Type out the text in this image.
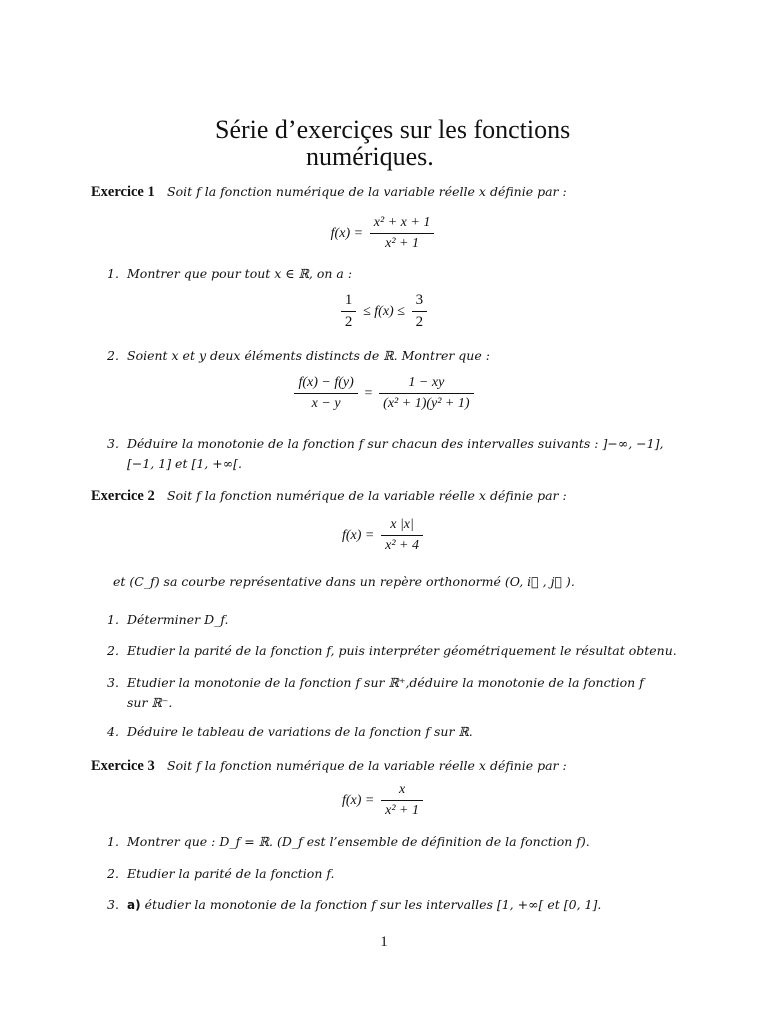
Série d’exerciçes sur les fonctions
numériques.
Exercice 1 Soit f la fonction numérique de la variable réelle x définie par :
$f(x) = \frac{\text{x² + x + 1}}{\text{x² + 1}}$
1. Montrer que pour tout x ∈ ℝ, on a :
$\frac{1}{2} \le f(x) \le \frac{3}{2}$
2. Soient x et y deux éléments distincts de ℝ. Montrer que :
$\frac{f(x) - f(y)}{x - y} = \frac{1 - xy}{\text{(x² + 1)(y² + 1)}}$
3. Déduire la monotonie de la fonction f sur chacun des intervalles suivants : ]−∞, −1],
[−1, 1] et [1, +∞[.
Exercice 2 Soit f la fonction numérique de la variable réelle x définie par :
$f(x) = \frac{x |x|}{\text{x² + 4}}$
et (C_f) sa courbe représentative dans un repère orthonormé (O, i⃗ , j⃗ ).
1. Déterminer D_f.
2. Etudier la parité de la fonction f, puis interpréter géométriquement le résultat obtenu.
3. Etudier la monotonie de la fonction f sur ℝ⁺,déduire la monotonie de la fonction f
sur ℝ⁻.
4. Déduire le tableau de variations de la fonction f sur ℝ.
Exercice 3 Soit f la fonction numérique de la variable réelle x définie par :
$f(x) = \frac{x}{\text{x² + 1}}$
1. Montrer que : D_f = ℝ. (D_f est l’ensemble de définition de la fonction f).
2. Etudier la parité de la fonction f.
3. a) étudier la monotonie de la fonction f sur les intervalles [1, +∞[ et [0, 1].
1
